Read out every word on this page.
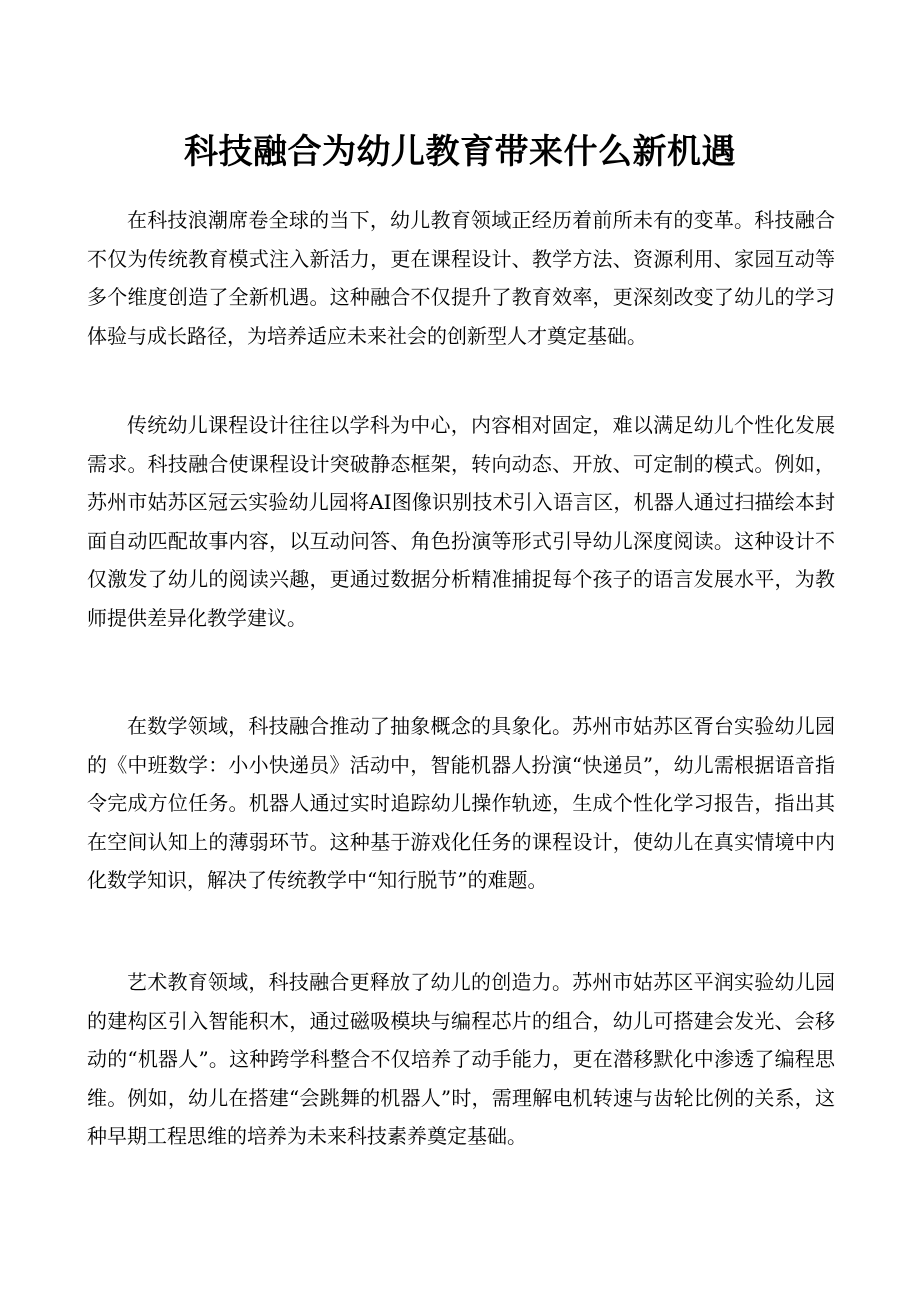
科技融合为幼儿教育带来什么新机遇

在科技浪潮席卷全球的当下，幼儿教育领域正经历着前所未有的变革。科技融合不仅为传统教育模式注入新活力，更在课程设计、教学方法、资源利用、家园互动等多个维度创造了全新机遇。这种融合不仅提升了教育效率，更深刻改变了幼儿的学习体验与成长路径，为培养适应未来社会的创新型人才奠定基础。

传统幼儿课程设计往往以学科为中心，内容相对固定，难以满足幼儿个性化发展需求。科技融合使课程设计突破静态框架，转向动态、开放、可定制的模式。例如，苏州市姑苏区冠云实验幼儿园将AI图像识别技术引入语言区，机器人通过扫描绘本封面自动匹配故事内容，以互动问答、角色扮演等形式引导幼儿深度阅读。这种设计不仅激发了幼儿的阅读兴趣，更通过数据分析精准捕捉每个孩子的语言发展水平，为教师提供差异化教学建议。

在数学领域，科技融合推动了抽象概念的具象化。苏州市姑苏区胥台实验幼儿园的《中班数学：小小快递员》活动中，智能机器人扮演“快递员”，幼儿需根据语音指令完成方位任务。机器人通过实时追踪幼儿操作轨迹，生成个性化学习报告，指出其在空间认知上的薄弱环节。这种基于游戏化任务的课程设计，使幼儿在真实情境中内化数学知识，解决了传统教学中“知行脱节”的难题。

艺术教育领域，科技融合更释放了幼儿的创造力。苏州市姑苏区平润实验幼儿园的建构区引入智能积木，通过磁吸模块与编程芯片的组合，幼儿可搭建会发光、会移动的“机器人”。这种跨学科整合不仅培养了动手能力，更在潜移默化中渗透了编程思维。例如，幼儿在搭建“会跳舞的机器人”时，需理解电机转速与齿轮比例的关系，这种早期工程思维的培养为未来科技素养奠定基础。
